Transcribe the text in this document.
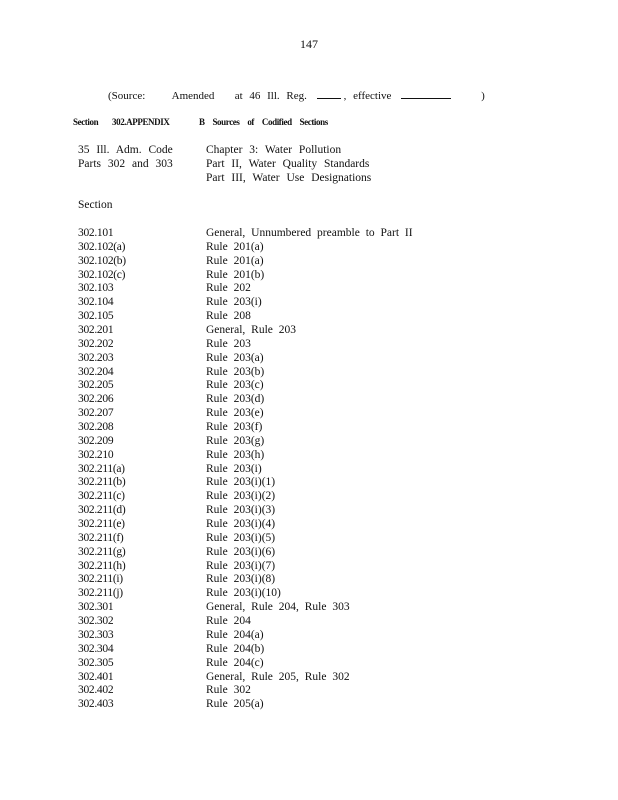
147
(Source: Amended at 46 Ill. Reg.	, effective	)
Section 302.APPENDIX	B Sources of Codified Sections
35 Ill. Adm. Code
Parts 302 and 303
Chapter 3: Water Pollution
Part II, Water Quality Standards
Part III, Water Use Designations
Section
302.101	General, Unnumbered preamble to Part II
302.102(a)	Rule 201(a)
302.102(b)	Rule 201(a)
302.102(c)	Rule 201(b)
302.103	Rule 202
302.104	Rule 203(i)
302.105	Rule 208
302.201	General, Rule 203
302.202	Rule 203
302.203	Rule 203(a)
302.204	Rule 203(b)
302.205	Rule 203(c)
302.206	Rule 203(d)
302.207	Rule 203(e)
302.208	Rule 203(f)
302.209	Rule 203(g)
302.210	Rule 203(h)
302.211(a)	Rule 203(i)
302.211(b)	Rule 203(i)(1)
302.211(c)	Rule 203(i)(2)
302.211(d)	Rule 203(i)(3)
302.211(e)	Rule 203(i)(4)
302.211(f)	Rule 203(i)(5)
302.211(g)	Rule 203(i)(6)
302.211(h)	Rule 203(i)(7)
302.211(i)	Rule 203(i)(8)
302.211(j)	Rule 203(i)(10)
302.301	General, Rule 204, Rule 303
302.302	Rule 204
302.303	Rule 204(a)
302.304	Rule 204(b)
302.305	Rule 204(c)
302.401	General, Rule 205, Rule 302
302.402	Rule 302
302.403	Rule 205(a)
